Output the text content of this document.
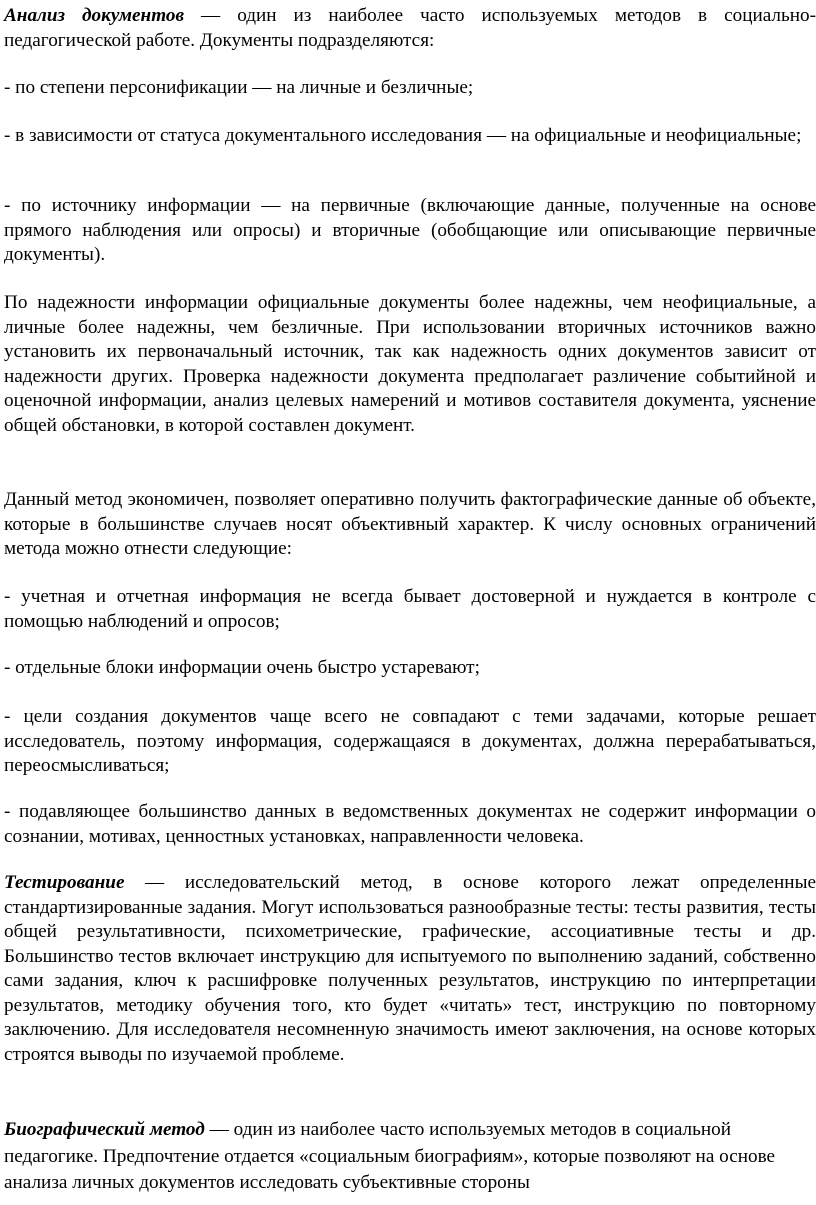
Анализ документов — один из наиболее часто используемых методов в социально-педагогической работе. Документы подразделяются:

- по степени персонификации — на личные и безличные;

- в зависимости от статуса документального исследования — на официальные и неофициальные;

- по источнику информации — на первичные (включающие данные, полученные на основе прямого наблюдения или опросы) и вторичные (обобщающие или описывающие первичные документы).

По надежности информации официальные документы более надежны, чем неофициальные, а личные более надежны, чем безличные. При использовании вторичных источников важно установить их первоначальный источник, так как надежность одних документов зависит от надежности других. Проверка надежности документа предполагает различение событийной и оценочной информации, анализ целевых намерений и мотивов составителя документа, уяснение общей обстановки, в которой составлен документ.

Данный метод экономичен, позволяет оперативно получить фактографические данные об объекте, которые в большинстве случаев носят объективный характер. К числу основных ограничений метода можно отнести следующие:

- учетная и отчетная информация не всегда бывает достоверной и нуждается в контроле с помощью наблюдений и опросов;

- отдельные блоки информации очень быстро устаревают;

- цели создания документов чаще всего не совпадают с теми задачами, которые решает исследователь, поэтому информация, содержащаяся в документах, должна перерабатываться, переосмысливаться;

- подавляющее большинство данных в ведомственных документах не содержит информации о сознании, мотивах, ценностных установках, направленности человека.

Тестирование — исследовательский метод, в основе которого лежат определенные стандартизированные задания. Могут использоваться разнообразные тесты: тесты развития, тесты общей результативности, психометрические, графические, ассоциативные тесты и др. Большинство тестов включает инструкцию для испытуемого по выполнению заданий, собственно сами задания, ключ к расшифровке полученных результатов, инструкцию по интерпретации результатов, методику обучения того, кто будет «читать» тест, инструкцию по повторному заключению. Для исследователя несомненную значимость имеют заключения, на основе которых строятся выводы по изучаемой проблеме.

Биографический метод — один из наиболее часто используемых методов в социальной педагогике. Предпочтение отдается «социальным биографиям», которые позволяют на основе анализа личных документов исследовать субъективные стороны
